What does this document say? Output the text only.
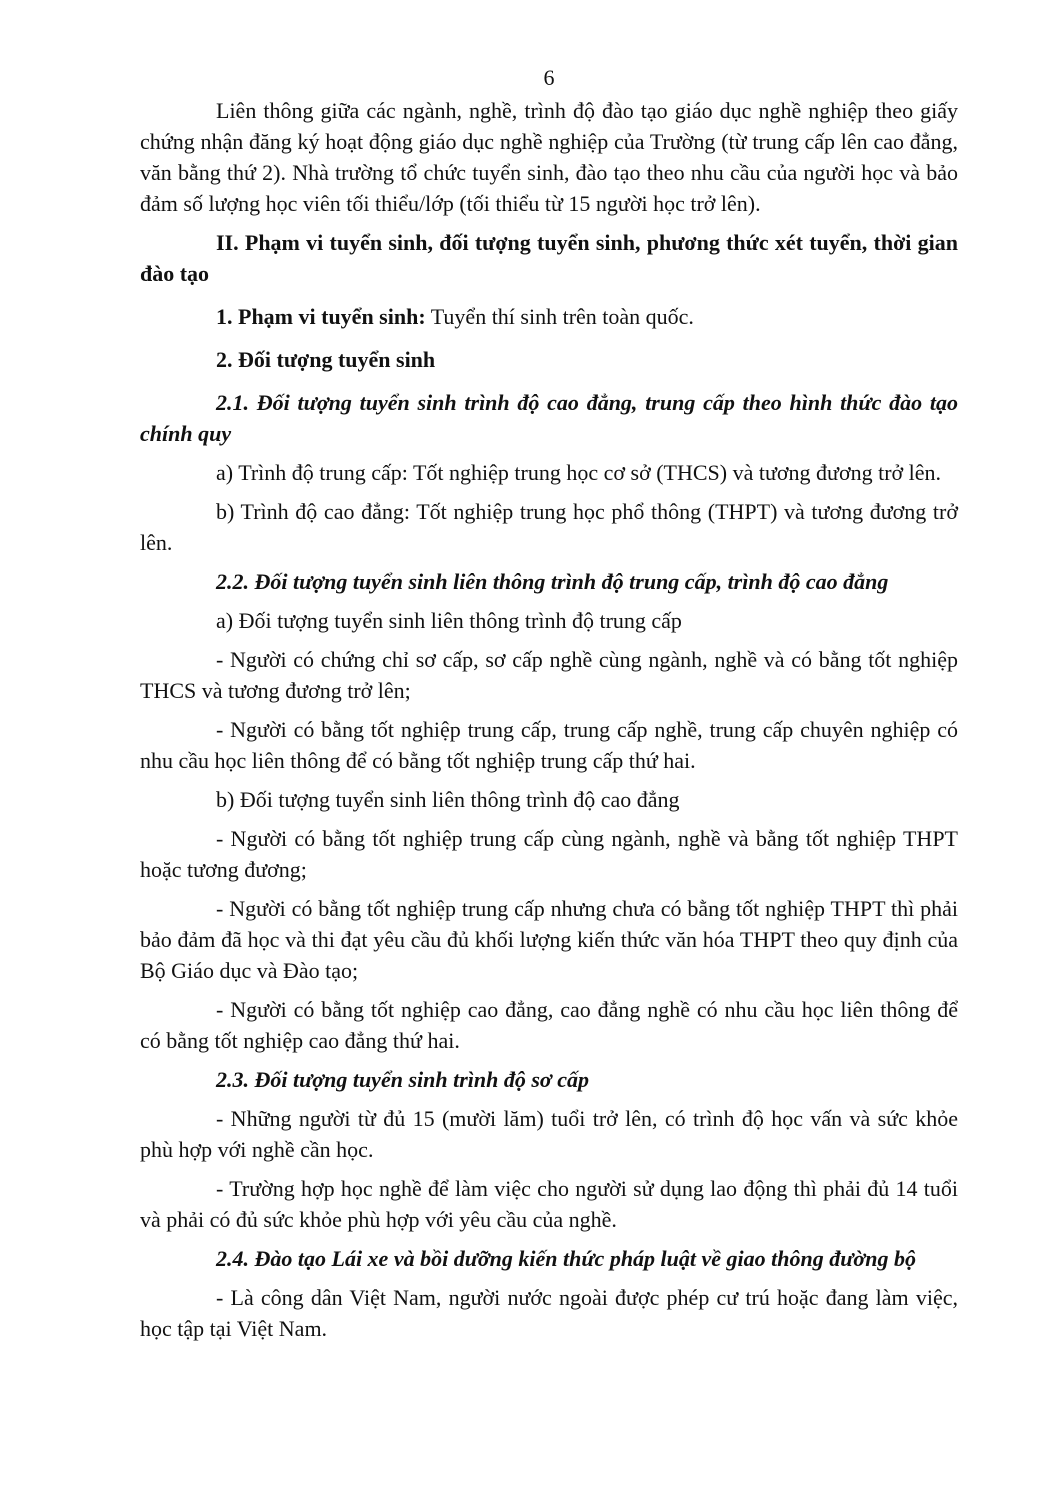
6

Liên thông giữa các ngành, nghề, trình độ đào tạo giáo dục nghề nghiệp theo giấy chứng nhận đăng ký hoạt động giáo dục nghề nghiệp của Trường (từ trung cấp lên cao đẳng, văn bằng thứ 2). Nhà trường tổ chức tuyển sinh, đào tạo theo nhu cầu của người học và bảo đảm số lượng học viên tối thiểu/lớp (tối thiểu từ 15 người học trở lên).

II. Phạm vi tuyển sinh, đối tượng tuyển sinh, phương thức xét tuyển, thời gian đào tạo

1. Phạm vi tuyển sinh: Tuyển thí sinh trên toàn quốc.

2. Đối tượng tuyển sinh

2.1. Đối tượng tuyển sinh trình độ cao đẳng, trung cấp theo hình thức đào tạo chính quy

a) Trình độ trung cấp: Tốt nghiệp trung học cơ sở (THCS) và tương đương trở lên.

b) Trình độ cao đẳng: Tốt nghiệp trung học phổ thông (THPT) và tương đương trở lên.

2.2. Đối tượng tuyển sinh liên thông trình độ trung cấp, trình độ cao đẳng

a) Đối tượng tuyển sinh liên thông trình độ trung cấp

- Người có chứng chỉ sơ cấp, sơ cấp nghề cùng ngành, nghề và có bằng tốt nghiệp THCS và tương đương trở lên;

- Người có bằng tốt nghiệp trung cấp, trung cấp nghề, trung cấp chuyên nghiệp có nhu cầu học liên thông để có bằng tốt nghiệp trung cấp thứ hai.

b) Đối tượng tuyển sinh liên thông trình độ cao đẳng

- Người có bằng tốt nghiệp trung cấp cùng ngành, nghề và bằng tốt nghiệp THPT hoặc tương đương;

- Người có bằng tốt nghiệp trung cấp nhưng chưa có bằng tốt nghiệp THPT thì phải bảo đảm đã học và thi đạt yêu cầu đủ khối lượng kiến thức văn hóa THPT theo quy định của Bộ Giáo dục và Đào tạo;

- Người có bằng tốt nghiệp cao đẳng, cao đẳng nghề có nhu cầu học liên thông để có bằng tốt nghiệp cao đẳng thứ hai.

2.3. Đối tượng tuyển sinh trình độ sơ cấp

- Những người từ đủ 15 (mười lăm) tuổi trở lên, có trình độ học vấn và sức khỏe phù hợp với nghề cần học.

- Trường hợp học nghề để làm việc cho người sử dụng lao động thì phải đủ 14 tuổi và phải có đủ sức khỏe phù hợp với yêu cầu của nghề.

2.4. Đào tạo Lái xe và bồi dưỡng kiến thức pháp luật về giao thông đường bộ

- Là công dân Việt Nam, người nước ngoài được phép cư trú hoặc đang làm việc, học tập tại Việt Nam.
